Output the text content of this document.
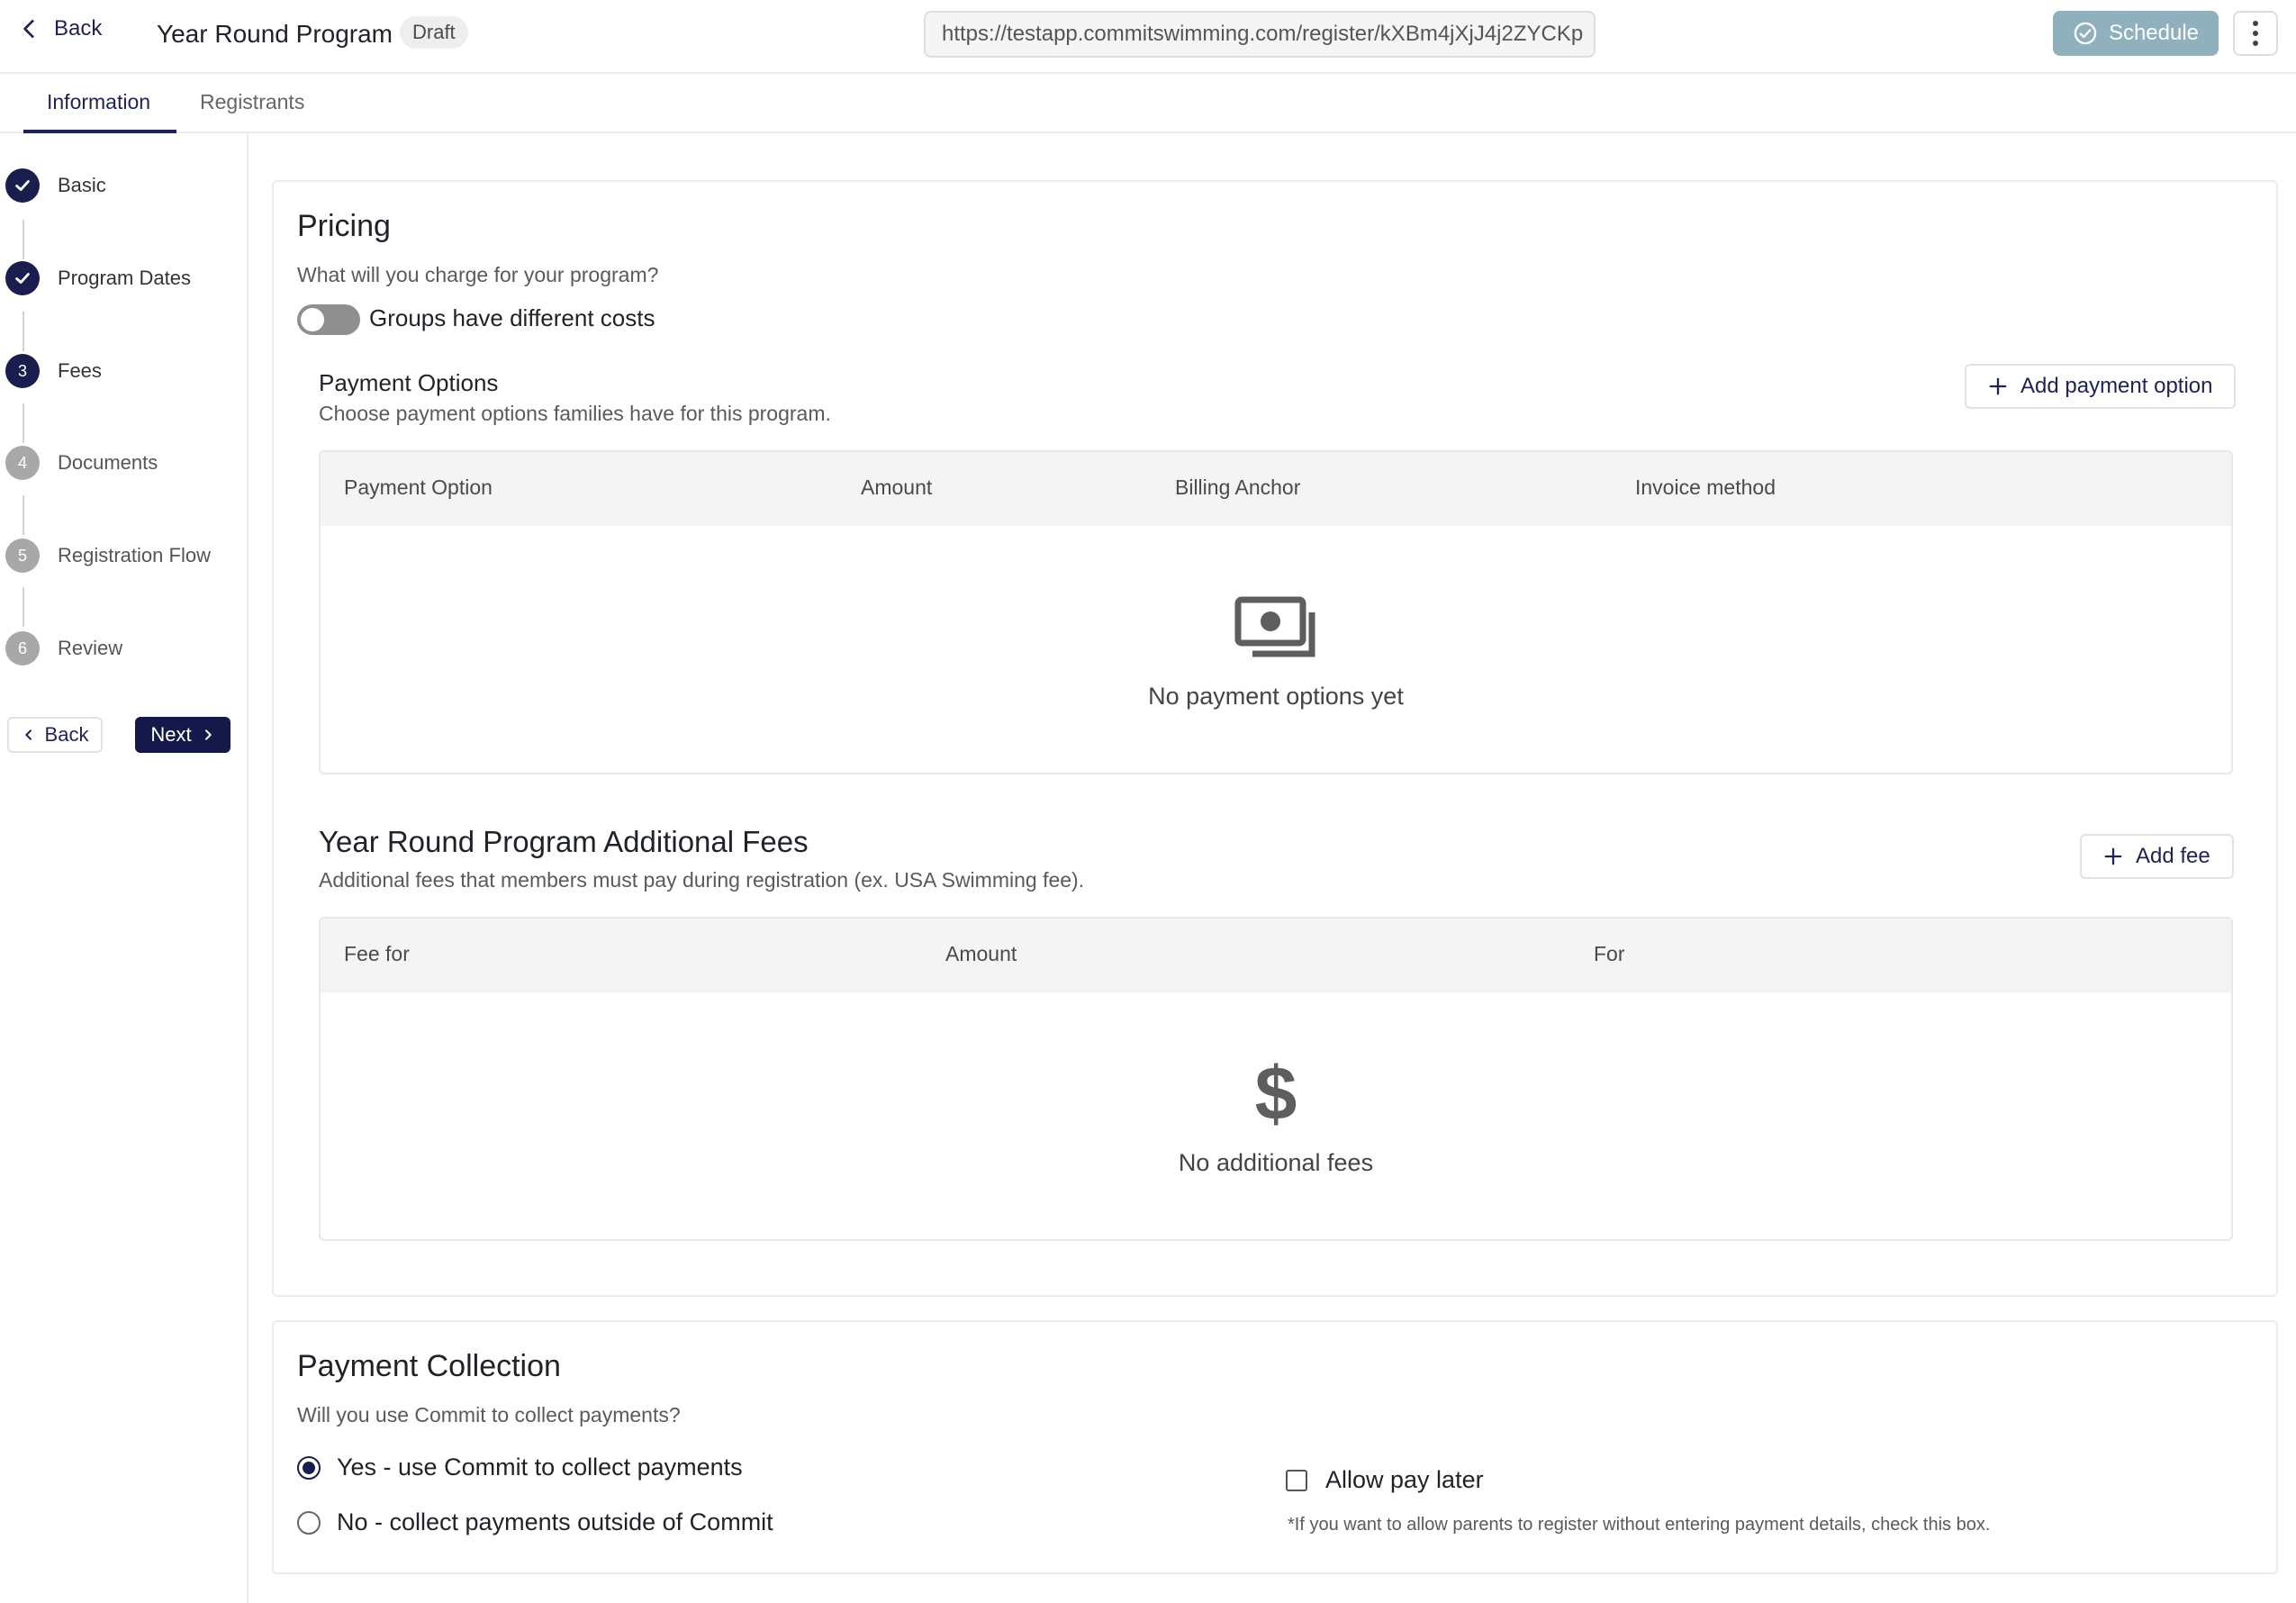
Back Year Round Program Draft	https://testapp.commitswimming.com/register/kXBm4jXjJ4j2ZYCKp	Schedule
Information Registrants
Basic
Program Dates
3	Fees
4	Documents
5	Registration Flow
6	Review
Back	Next
Pricing
What will you charge for your program?
Groups have different costs
Payment Options
Choose payment options families have for this program.
Add payment option
Payment Option	Amount	Billing Anchor	Invoice method
No payment options yet
Year Round Program Additional Fees
Additional fees that members must pay during registration (ex. USA Swimming fee).
Add fee
Fee for	Amount	For
$
No additional fees
Payment Collection
Will you use Commit to collect payments?
Yes - use Commit to collect payments
No - collect payments outside of Commit
Allow pay later
*If you want to allow parents to register without entering payment details, check this box.
